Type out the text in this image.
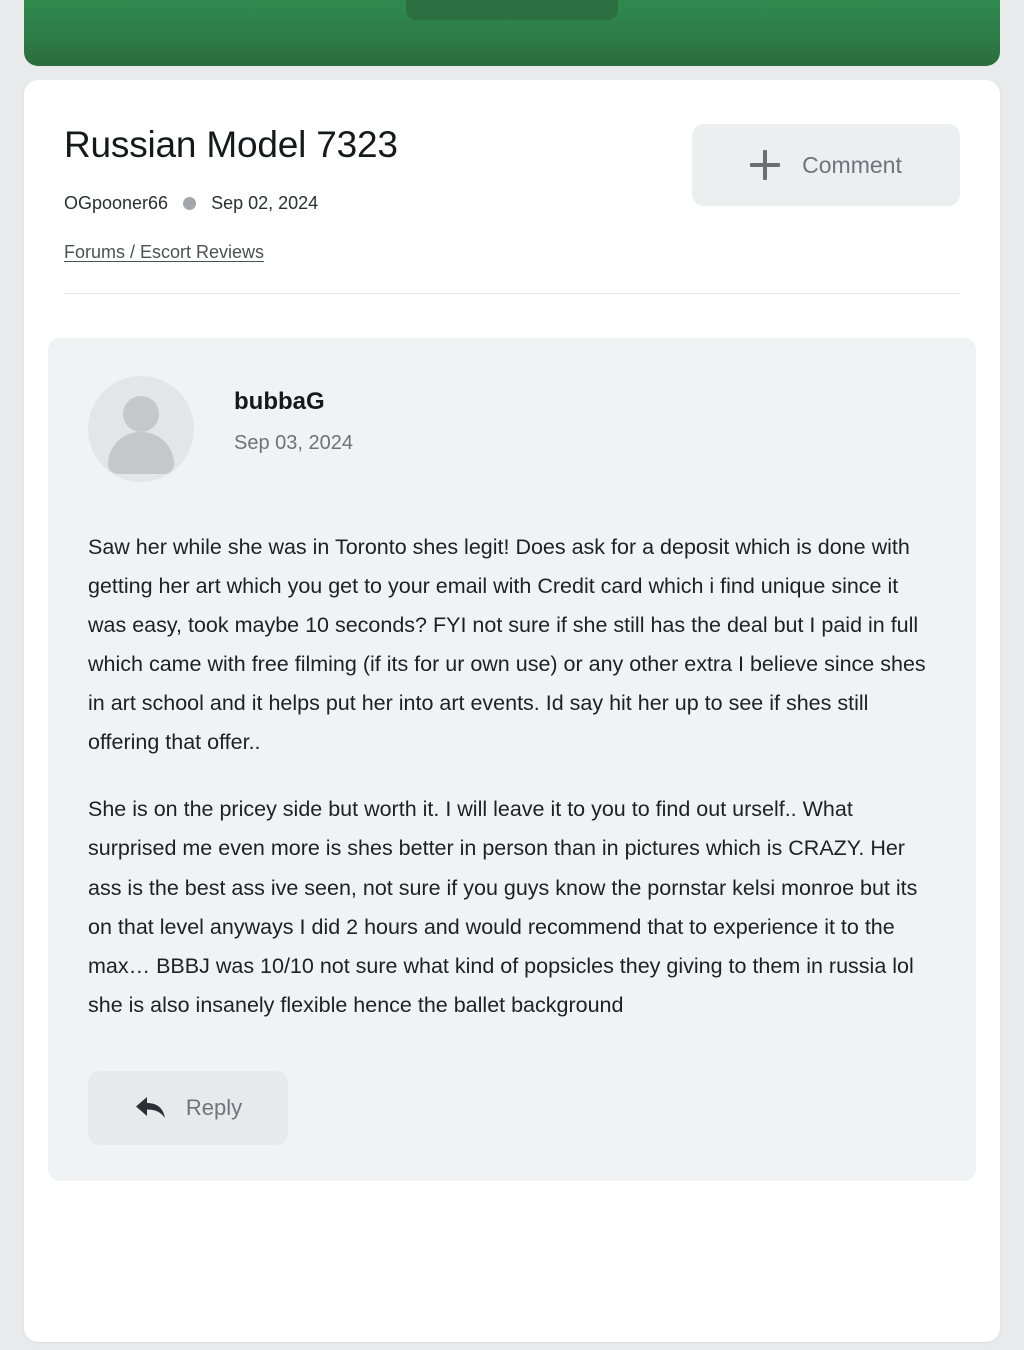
Russian Model 7323
OGpooner66 Sep 02, 2024
Forums / Escort Reviews
Comment
bubbaG
Sep 03, 2024

Saw her while she was in Toronto shes legit! Does ask for a deposit which is done with getting her art which you get to your email with Credit card which i find unique since it was easy, took maybe 10 seconds? FYI not sure if she still has the deal but I paid in full which came with free filming (if its for ur own use) or any other extra I believe since shes in art school and it helps put her into art events. Id say hit her up to see if shes still offering that offer..

She is on the pricey side but worth it. I will leave it to you to find out urself.. What surprised me even more is shes better in person than in pictures which is CRAZY. Her ass is the best ass ive seen, not sure if you guys know the pornstar kelsi monroe but its on that level anyways I did 2 hours and would recommend that to experience it to the max… BBBJ was 10/10 not sure what kind of popsicles they giving to them in russia lol she is also insanely flexible hence the ballet background

Reply
